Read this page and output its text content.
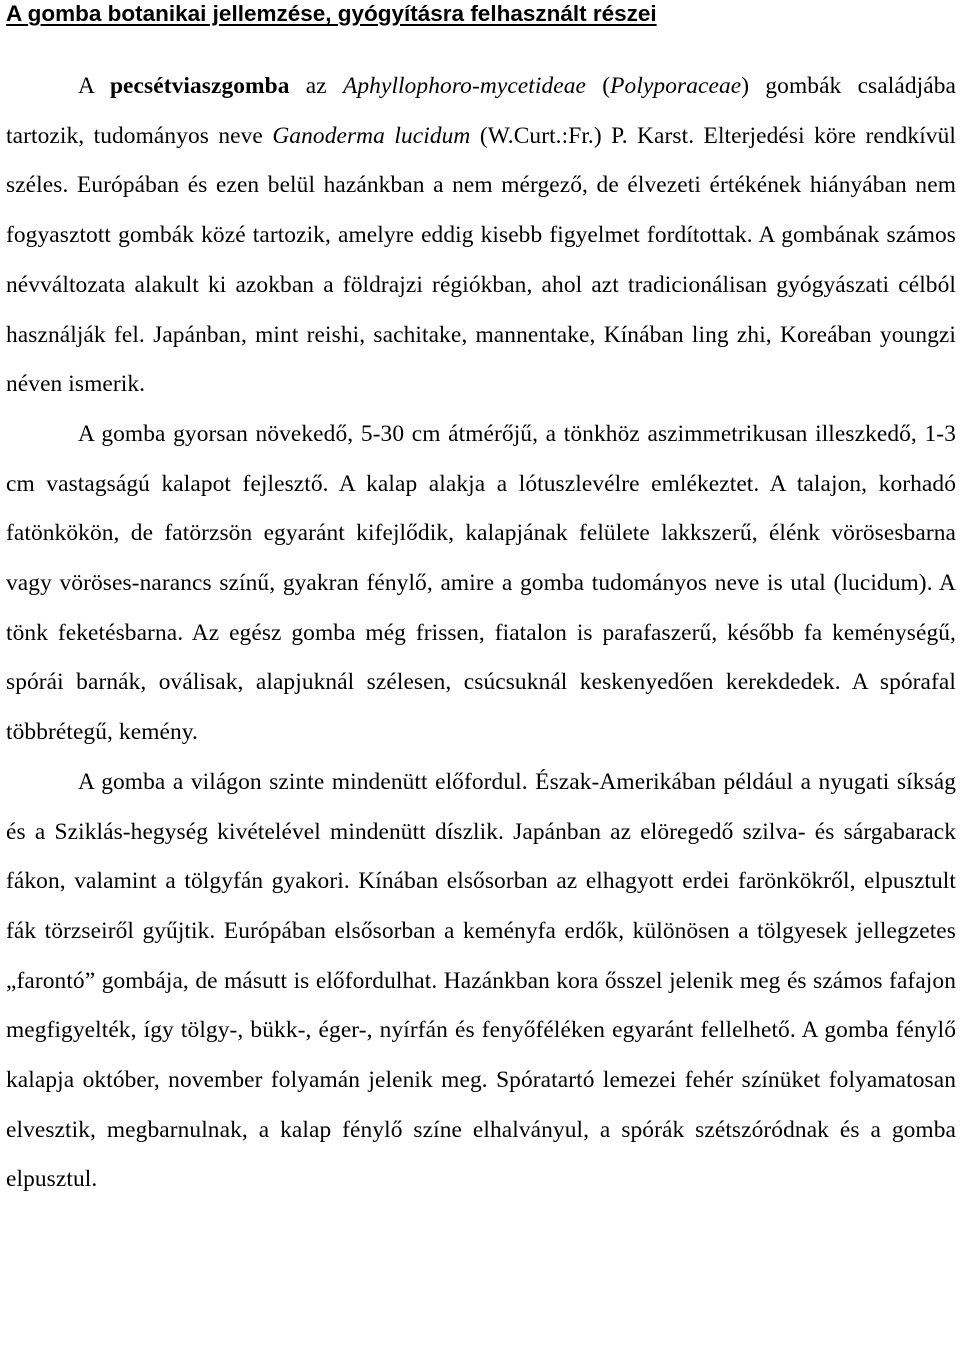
A gomba botanikai jellemzése, gyógyításra felhasznált részei

A pecsétviaszgomba az Aphyllophoro-mycetideae (Polyporaceae) gombák családjába tartozik, tudományos neve Ganoderma lucidum (W.Curt.:Fr.) P. Karst. Elterjedési köre rendkívül széles. Európában és ezen belül hazánkban a nem mérgező, de élvezeti értékének hiányában nem fogyasztott gombák közé tartozik, amelyre eddig kisebb figyelmet fordítottak. A gombának számos névváltozata alakult ki azokban a földrajzi régiókban, ahol azt tradicionálisan gyógyászati célból használják fel. Japánban, mint reishi, sachitake, mannentake, Kínában ling zhi, Koreában youngzi néven ismerik.

A gomba gyorsan növekedő, 5-30 cm átmérőjű, a tönkhöz aszimmetrikusan illeszkedő, 1-3 cm vastagságú kalapot fejlesztő. A kalap alakja a lótuszlevélre emlékeztet. A talajon, korhadó fatönkökön, de fatörzsön egyaránt kifejlődik, kalapjának felülete lakkszerű, élénk vörösesbarna vagy vöröses-narancs színű, gyakran fénylő, amire a gomba tudományos neve is utal (lucidum). A tönk feketésbarna. Az egész gomba még frissen, fiatalon is parafaszerű, később fa keménységű, spórái barnák, oválisak, alapjuknál szélesen, csúcsuknál keskenyedően kerekdedek. A spórafal többrétegű, kemény.

A gomba a világon szinte mindenütt előfordul. Észak-Amerikában például a nyugati síkság és a Sziklás-hegység kivételével mindenütt díszlik. Japánban az elöregedő szilva- és sárgabarack fákon, valamint a tölgyfán gyakori. Kínában elsősorban az elhagyott erdei farönkökről, elpusztult fák törzseiről gyűjtik. Európában elsősorban a keményfa erdők, különösen a tölgyesek jellegzetes „farontó” gombája, de másutt is előfordulhat. Hazánkban kora ősszel jelenik meg és számos fafajon megfigyelték, így tölgy-, bükk-, éger-, nyírfán és fenyőféléken egyaránt fellelhető. A gomba fénylő kalapja október, november folyamán jelenik meg. Spóratartó lemezei fehér színüket folyamatosan elvesztik, megbarnulnak, a kalap fénylő színe elhalványul, a spórák szétszóródnak és a gomba elpusztul.
